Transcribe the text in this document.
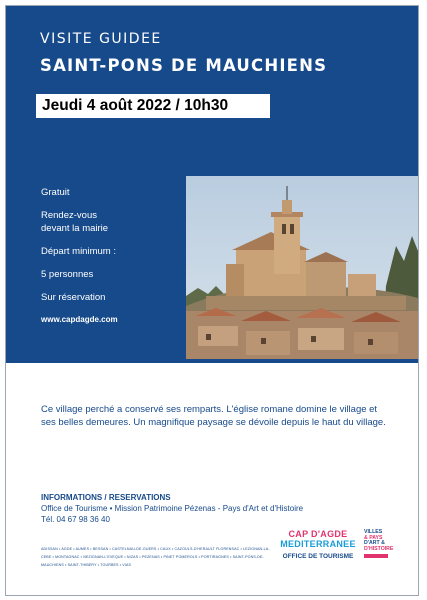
VISITE GUIDEE
SAINT-PONS DE MAUCHIENS
Jeudi 4 août 2022 / 10h30
Gratuit
Rendez-vous
devant la mairie
Départ minimum :
5 personnes
Sur réservation
www.capdagde.com
Ce village perché a conservé ses remparts. L'église romane domine le village et ses belles demeures. Un magnifique paysage se dévoile depuis le haut du village.
INFORMATIONS / RESERVATIONS
Office de Tourisme • Mission Patrimoine Pézenas - Pays d'Art et d'Histoire
Tél. 04 67 98 36 40
ADISSAN • AGDE • AUMES • BESSAN • CASTELNAU-DE-GUERS • CAUX • CAZOULS-D'HERAULT FLORENSAC • LEZIGNAN-LA-CEBE • MONTAGNAC • NEZIGNAN-L'EVEQUE • NIZAS • PEZENAS • PINET POMEROLS • PORTIRAGNES • SAINT-PONS-DE-MAUCHIENS • SAINT-THIBERY • TOURBES • VIAS
CAP D'AGDE
MEDITERRANEE
OFFICE DE TOURISME
VILLES
& PAYS
D'ART &
D'HISTOIRE
